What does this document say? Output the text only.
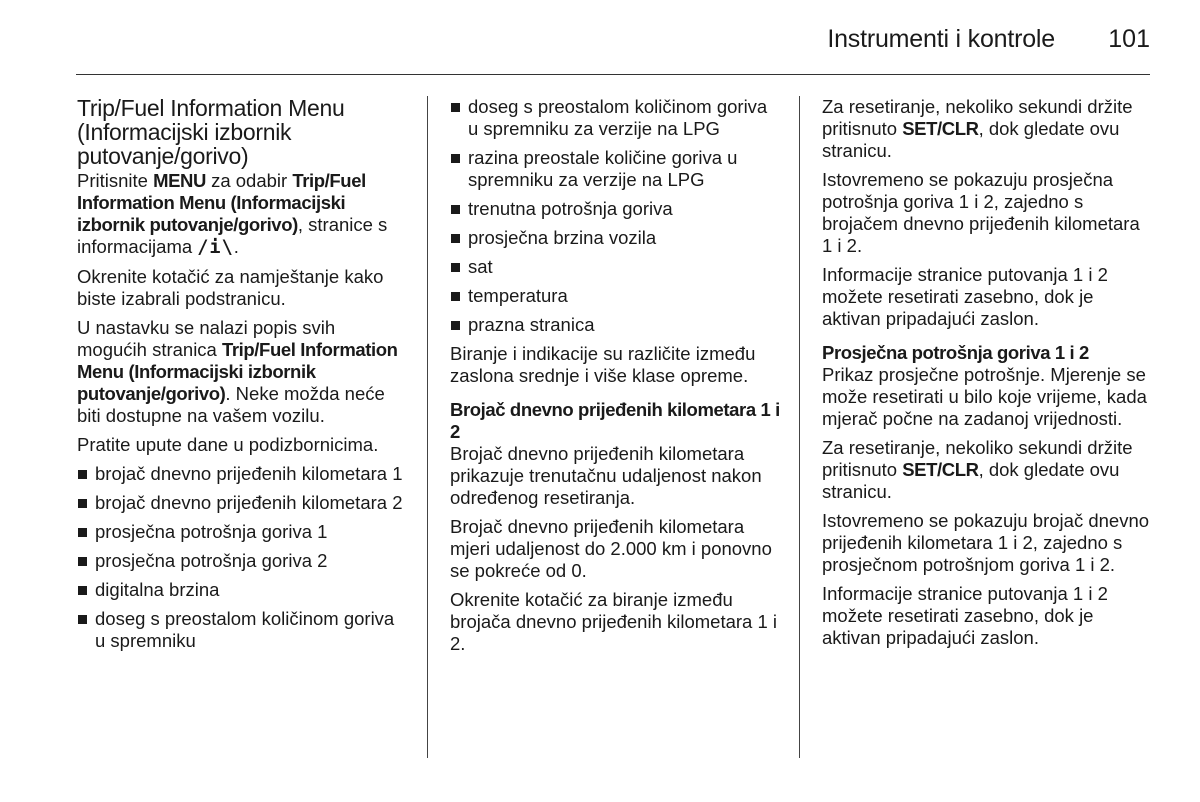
Instrumenti i kontrole 101
Trip/Fuel Information Menu (Informacijski izbornik putovanje/gorivo)

Pritisnite MENU za odabir Trip/Fuel Information Menu (Informacijski izbornik putovanje/gorivo), stranice s informacijama /i\.

Okrenite kotačić za namještanje kako biste izabrali podstranicu.

U nastavku se nalazi popis svih mogućih stranica Trip/Fuel Information Menu (Informacijski izbornik putovanje/gorivo). Neke možda neće biti dostupne na vašem vozilu.

Pratite upute dane u podizbornicima.

brojač dnevno prijeđenih kilometara 1
brojač dnevno prijeđenih kilometara 2
prosječna potrošnja goriva 1
prosječna potrošnja goriva 2
digitalna brzina
doseg s preostalom količinom goriva u spremniku
doseg s preostalom količinom goriva u spremniku za verzije na LPG
razina preostale količine goriva u spremniku za verzije na LPG
trenutna potrošnja goriva
prosječna brzina vozila
sat
temperatura
prazna stranica

Biranje i indikacije su različite između zaslona srednje i više klase opreme.

Brojač dnevno prijeđenih kilometara 1 i 2

Brojač dnevno prijeđenih kilometara prikazuje trenutačnu udaljenost nakon određenog resetiranja.

Brojač dnevno prijeđenih kilometara mjeri udaljenost do 2.000 km i ponovno se pokreće od 0.

Okrenite kotačić za biranje između brojača dnevno prijeđenih kilometara 1 i 2.

Za resetiranje, nekoliko sekundi držite pritisnuto SET/CLR, dok gledate ovu stranicu.

Istovremeno se pokazuju prosječna potrošnja goriva 1 i 2, zajedno s brojačem dnevno prijeđenih kilometara 1 i 2.

Informacije stranice putovanja 1 i 2 možete resetirati zasebno, dok je aktivan pripadajući zaslon.

Prosječna potrošnja goriva 1 i 2

Prikaz prosječne potrošnje. Mjerenje se može resetirati u bilo koje vrijeme, kada mjerač počne na zadanoj vrijednosti.

Za resetiranje, nekoliko sekundi držite pritisnuto SET/CLR, dok gledate ovu stranicu.

Istovremeno se pokazuju brojač dnevno prijeđenih kilometara 1 i 2, zajedno s prosječnom potrošnjom goriva 1 i 2.

Informacije stranice putovanja 1 i 2 možete resetirati zasebno, dok je aktivan pripadajući zaslon.
